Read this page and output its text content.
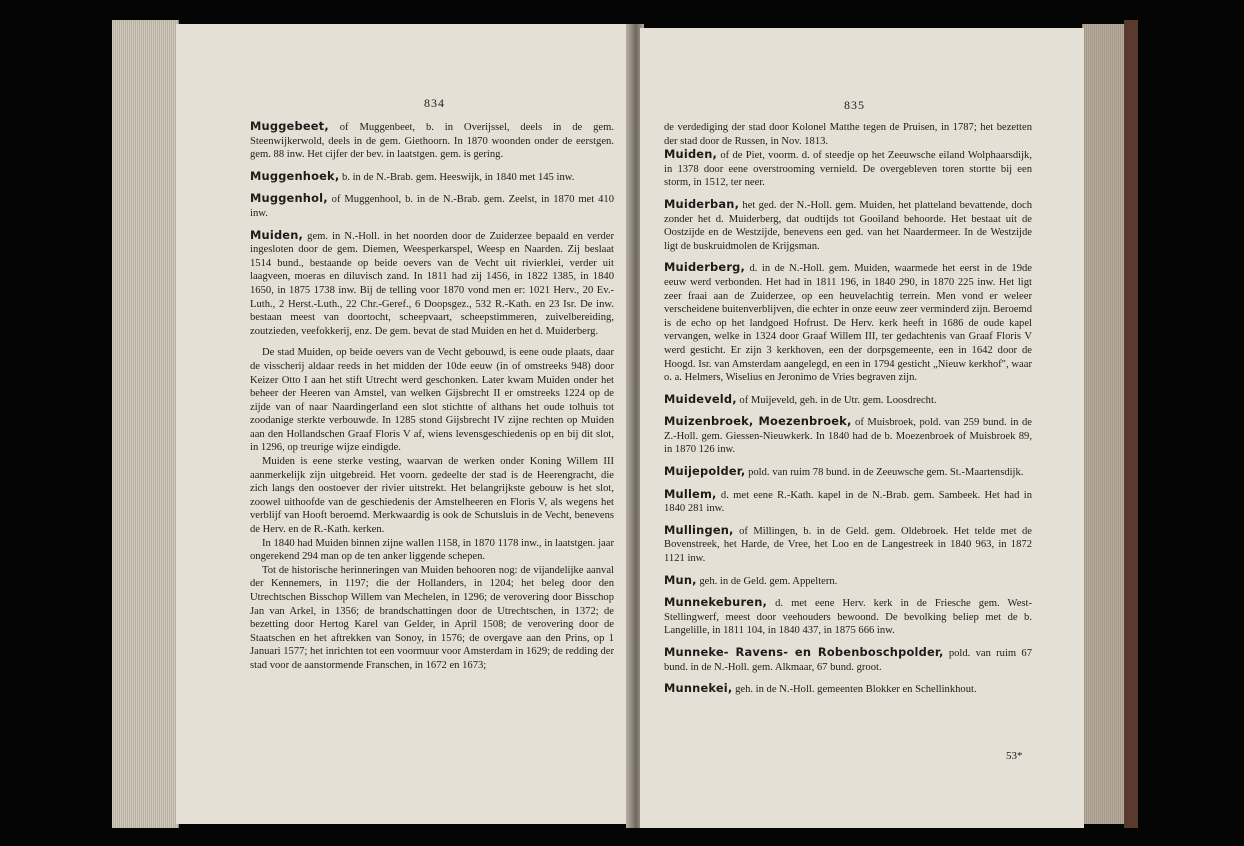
834

Muggebeet, of Muggenbeet, b. in Overijssel, deels in de gem. Steenwijkerwold, deels in de gem. Giethoorn. In 1870 woonden onder de eerstgen. gem. 88 inw. Het cijfer der bev. in laatstgen. gem. is gering.

Muggenhoek, b. in de N.-Brab. gem. Heeswijk, in 1840 met 145 inw.

Muggenhol, of Muggenhool, b. in de N.-Brab. gem. Zeelst, in 1870 met 410 inw.

Muiden, gem. in N.-Holl. in het noorden door de Zuiderzee bepaald en verder ingesloten door de gem. Diemen, Weesperkarspel, Weesp en Naarden. Zij beslaat 1514 bund., bestaande op beide oevers van de Vecht uit rivierklei, verder uit laagveen, moeras en diluvisch zand. In 1811 had zij 1456, in 1822 1385, in 1840 1650, in 1875 1738 inw. Bij de telling voor 1870 vond men er: 1021 Herv., 20 Ev.-Luth., 2 Herst.-Luth., 22 Chr.-Geref., 6 Doopsgez., 532 R.-Kath. en 23 Isr. De inw. bestaan meest van doortocht, scheepvaart, scheepstimmeren, zuivelbereiding, zoutzieden, veefokkerij, enz. De gem. bevat de stad Muiden en het d. Muiderberg.

De stad Muiden, op beide oevers van de Vecht gebouwd, is eene oude plaats, daar de visscherij aldaar reeds in het midden der 10de eeuw (in of omstreeks 948) door Keizer Otto I aan het stift Utrecht werd geschonken. Later kwam Muiden onder het beheer der Heeren van Amstel, van welken Gijsbrecht II er omstreeks 1224 op de zijde van of naar Naardingerland een slot stichtte of althans het oude tolhuis tot zoodanige sterkte verbouwde. In 1285 stond Gijsbrecht IV zijne rechten op Muiden aan den Hollandschen Graaf Floris V af, wiens levensgeschiedenis op en bij dit slot, in 1296, op treurige wijze eindigde.

Muiden is eene sterke vesting, waarvan de werken onder Koning Willem III aanmerkelijk zijn uitgebreid. Het voorn. gedeelte der stad is de Heerengracht, die zich langs den oostoever der rivier uitstrekt. Het belangrijkste gebouw is het slot, zoowel uithoofde van de geschiedenis der Amstelheeren en Floris V, als wegens het verblijf van Hooft beroemd. Merkwaardig is ook de Schutsluis in de Vecht, benevens de Herv. en de R.-Kath. kerken.

In 1840 had Muiden binnen zijne wallen 1158, in 1870 1178 inw., in laatstgen. jaar ongerekend 294 man op de ten anker liggende schepen.

Tot de historische herinneringen van Muiden behooren nog: de vijandelijke aanval der Kennemers, in 1197; die der Hollanders, in 1204; het beleg door den Utrechtschen Bisschop Willem van Mechelen, in 1296; de verovering door Bisschop Jan van Arkel, in 1356; de brandschattingen door de Utrechtschen, in 1372; de bezetting door Hertog Karel van Gelder, in April 1508; de verovering door de Staatschen en het aftrekken van Sonoy, in 1576; de overgave aan den Prins, op 1 Januari 1577; het inrichten tot een voormuur voor Amsterdam in 1629; de redding der stad voor de aanstormende Franschen, in 1672 en 1673;

835

de verdediging der stad door Kolonel Matthe tegen de Pruisen, in 1787; het bezetten der stad door de Russen, in Nov. 1813.

Muiden, of de Piet, voorm. d. of steedje op het Zeeuwsche eiland Wolphaarsdijk, in 1378 door eene overstrooming vernield. De overgebleven toren stortte bij een storm, in 1512, ter neer.

Muiderban, het ged. der N.-Holl. gem. Muiden, het platteland bevattende, doch zonder het d. Muiderberg, dat oudtijds tot Gooiland behoorde. Het bestaat uit de Oostzijde en de Westzijde, benevens een ged. van het Naardermeer. In de Westzijde ligt de buskruidmolen de Krijgsman.

Muiderberg, d. in de N.-Holl. gem. Muiden, waarmede het eerst in de 19de eeuw werd verbonden. Het had in 1811 196, in 1840 290, in 1870 225 inw. Het ligt zeer fraai aan de Zuiderzee, op een heuvelachtig terrein. Men vond er weleer verscheidene buitenverblijven, die echter in onze eeuw zeer verminderd zijn. Beroemd is de echo op het landgoed Hofrust. De Herv. kerk heeft in 1686 de oude kapel vervangen, welke in 1324 door Graaf Willem III, ter gedachtenis van Graaf Floris V werd gesticht. Er zijn 3 kerkhoven, een der dorpsgemeente, een in 1642 door de Hoogd. Isr. van Amsterdam aangelegd, en een in 1794 gesticht „Nieuw kerkhof", waar o. a. Helmers, Wiselius en Jeronimo de Vries begraven zijn.

Muideveld, of Muijeveld, geh. in de Utr. gem. Loosdrecht.

Muizenbroek, Moezenbroek, of Muisbroek, pold. van 259 bund. in de Z.-Holl. gem. Giessen-Nieuwkerk. In 1840 had de b. Moezenbroek of Muisbroek 89, in 1870 126 inw.

Muijepolder, pold. van ruim 78 bund. in de Zeeuwsche gem. St.-Maartensdijk.

Mullem, d. met eene R.-Kath. kapel in de N.-Brab. gem. Sambeek. Het had in 1840 281 inw.

Mullingen, of Millingen, b. in de Geld. gem. Oldebroek. Het telde met de Bovenstreek, het Harde, de Vree, het Loo en de Langestreek in 1840 963, in 1872 1121 inw.

Mun, geh. in de Geld. gem. Appeltern.

Munnekeburen, d. met eene Herv. kerk in de Friesche gem. West-Stellingwerf, meest door veehouders bewoond. De bevolking beliep met de b. Langelille, in 1811 104, in 1840 437, in 1875 666 inw.

Munneke- Ravens- en Robenboschpolder, pold. van ruim 67 bund. in de N.-Holl. gem. Alkmaar, 67 bund. groot.

Munnekei, geh. in de N.-Holl. gemeenten Blokker en Schellinkhout.

53*
